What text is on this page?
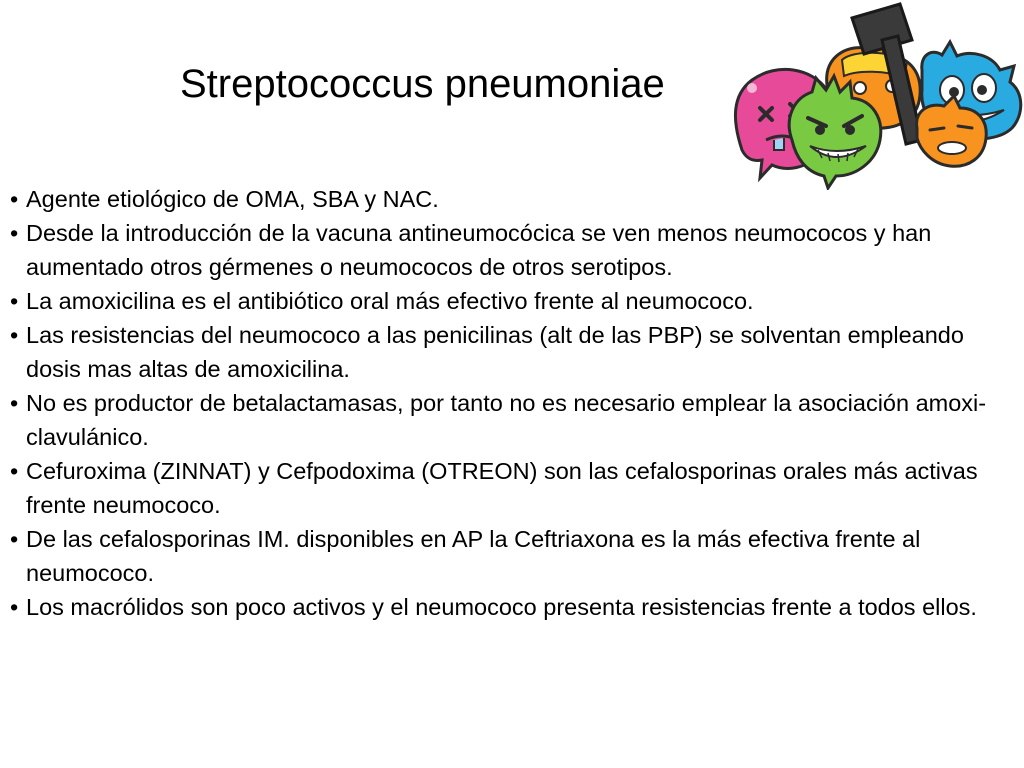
Streptococcus pneumoniae
• Agente etiológico de OMA, SBA y NAC.
• Desde la introducción de la vacuna antineumocócica se ven menos neumococos y han aumentado otros gérmenes o neumococos de otros serotipos.
• La amoxicilina es el antibiótico oral más efectivo frente al neumococo.
• Las resistencias del neumococo a las penicilinas (alt de las PBP) se solventan empleando dosis mas altas de amoxicilina.
• No es productor de betalactamasas, por tanto no es necesario emplear la asociación amoxi-clavulánico.
• Cefuroxima (ZINNAT) y Cefpodoxima (OTREON) son las cefalosporinas orales más activas frente neumococo.
• De las cefalosporinas IM. disponibles en AP la Ceftriaxona es la más efectiva frente al neumococo.
• Los macrólidos son poco activos y el neumococo presenta resistencias frente a todos ellos.
